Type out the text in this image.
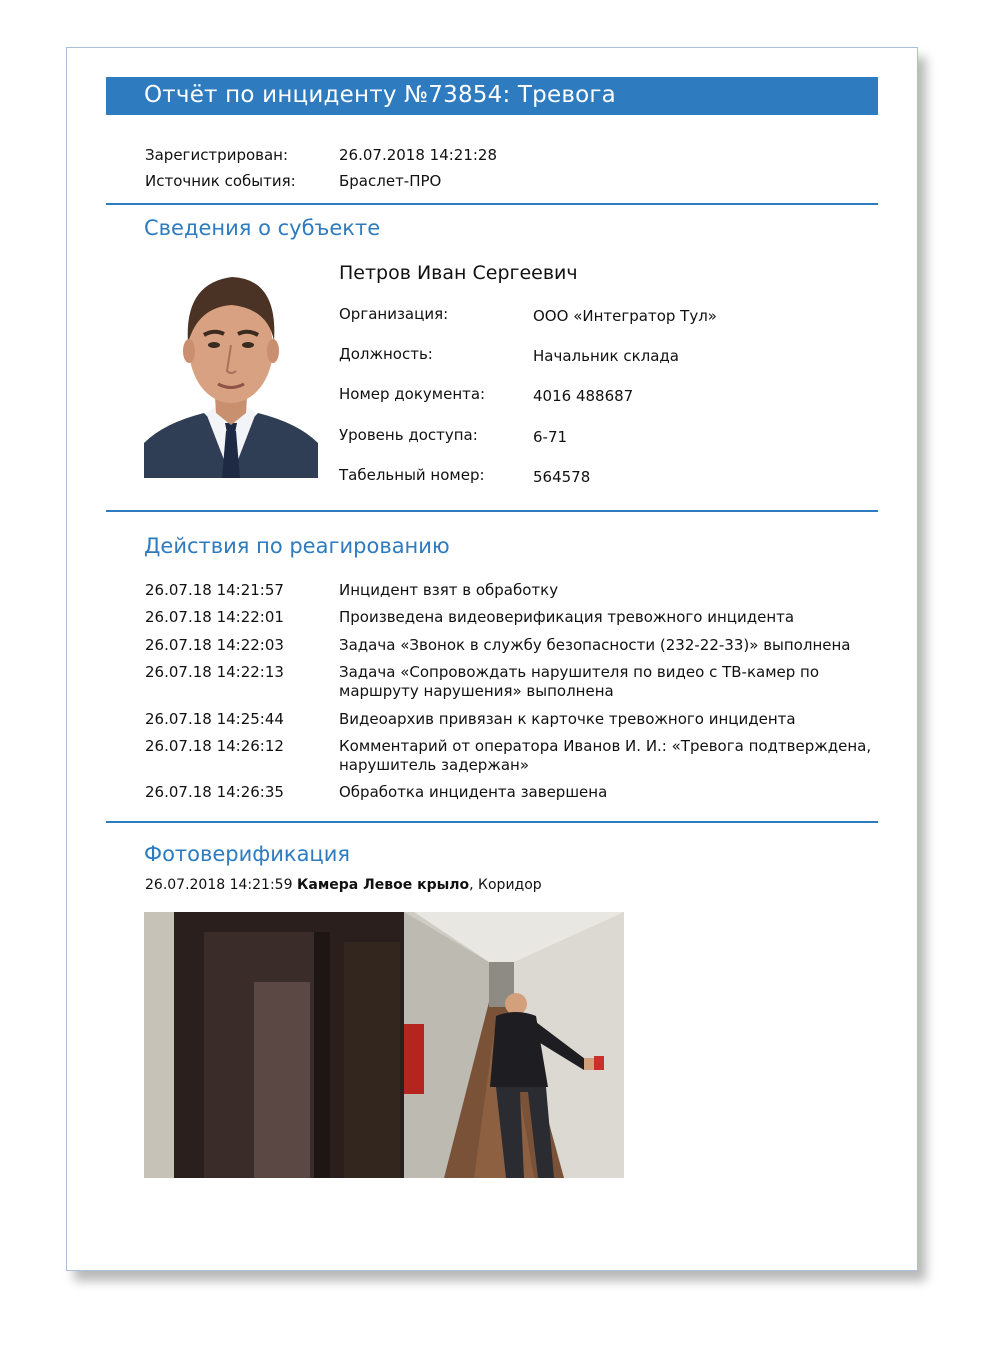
Отчёт по инциденту №73854: Тревога
Зарегистрирован:	26.07.2018 14:21:28
Источник события:	Браслет-ПРО
Сведения о субъекте
Петров Иван Сергеевич
Организация:	ООО «Интегратор Тул»
Должность:	Начальник склада
Номер документа:	4016 488687
Уровень доступа:	6-71
Табельный номер:	564578
Действия по реагированию
26.07.18 14:21:57	Инцидент взят в обработку
26.07.18 14:22:01	Произведена видеоверификация тревожного инцидента
26.07.18 14:22:03	Задача «Звонок в службу безопасности (232-22-33)» выполнена
26.07.18 14:22:13	Задача «Сопровождать нарушителя по видео с ТВ-камер по маршруту нарушения» выполнена
26.07.18 14:25:44	Видеоархив привязан к карточке тревожного инцидента
26.07.18 14:26:12	Комментарий от оператора Иванов И. И.: «Тревога подтверждена, нарушитель задержан»
26.07.18 14:26:35	Обработка инцидента завершена
Фотоверификация
26.07.2018 14:21:59 Камера Левое крыло, Коридор
